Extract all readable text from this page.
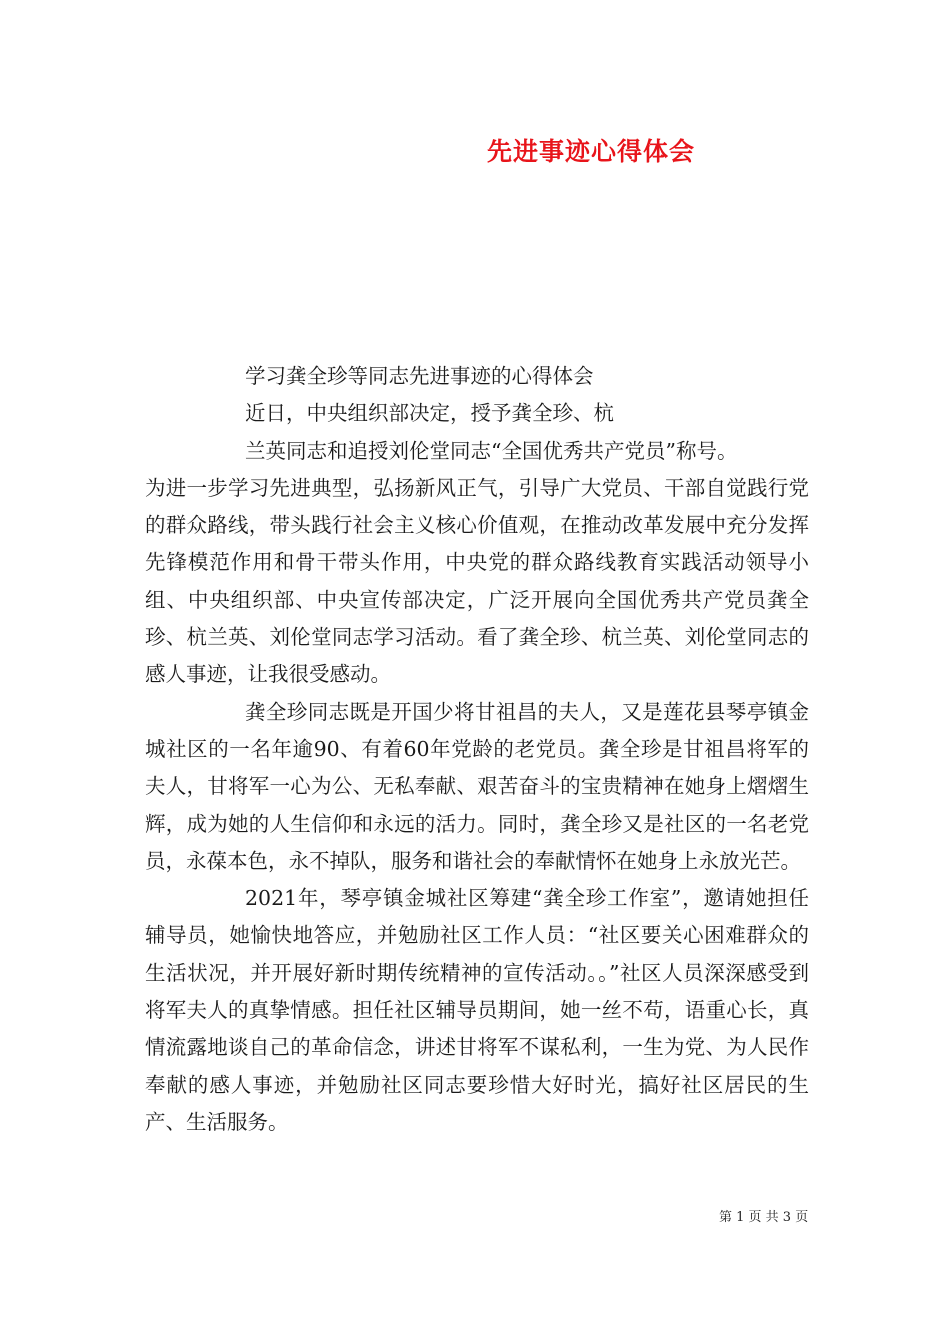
先进事迹心得体会

学习龚全珍等同志先进事迹的心得体会

近日，中央组织部决定，授予龚全珍、杭
兰英同志和追授刘伦堂同志“全国优秀共产党员”称号。
为进一步学习先进典型，弘扬新风正气，引导广大党员、干部自觉践行党的群众路线，带头践行社会主义核心价值观，在推动改革发展中充分发挥先锋模范作用和骨干带头作用，中央党的群众路线教育实践活动领导小组、中央组织部、中央宣传部决定，广泛开展向全国优秀共产党员龚全珍、杭兰英、刘伦堂同志学习活动。看了龚全珍、杭兰英、刘伦堂同志的感人事迹，让我很受感动。

龚全珍同志既是开国少将甘祖昌的夫人，又是莲花县琴亭镇金城社区的一名年逾90、有着60年党龄的老党员。龚全珍是甘祖昌将军的夫人，甘将军一心为公、无私奉献、艰苦奋斗的宝贵精神在她身上熠熠生辉，成为她的人生信仰和永远的活力。同时，龚全珍又是社区的一名老党员，永葆本色，永不掉队，服务和谐社会的奉献情怀在她身上永放光芒。

2021年，琴亭镇金城社区筹建“龚全珍工作室”，邀请她担任辅导员，她愉快地答应，并勉励社区工作人员：“社区要关心困难群众的生活状况，并开展好新时期传统精神的宣传活动。。”社区人员深深感受到将军夫人的真挚情感。担任社区辅导员期间，她一丝不苟，语重心长，真情流露地谈自己的革命信念，讲述甘将军不谋私利，一生为党、为人民作奉献的感人事迹，并勉励社区同志要珍惜大好时光，搞好社区居民的生产、生活服务。

第 1 页 共 3 页
